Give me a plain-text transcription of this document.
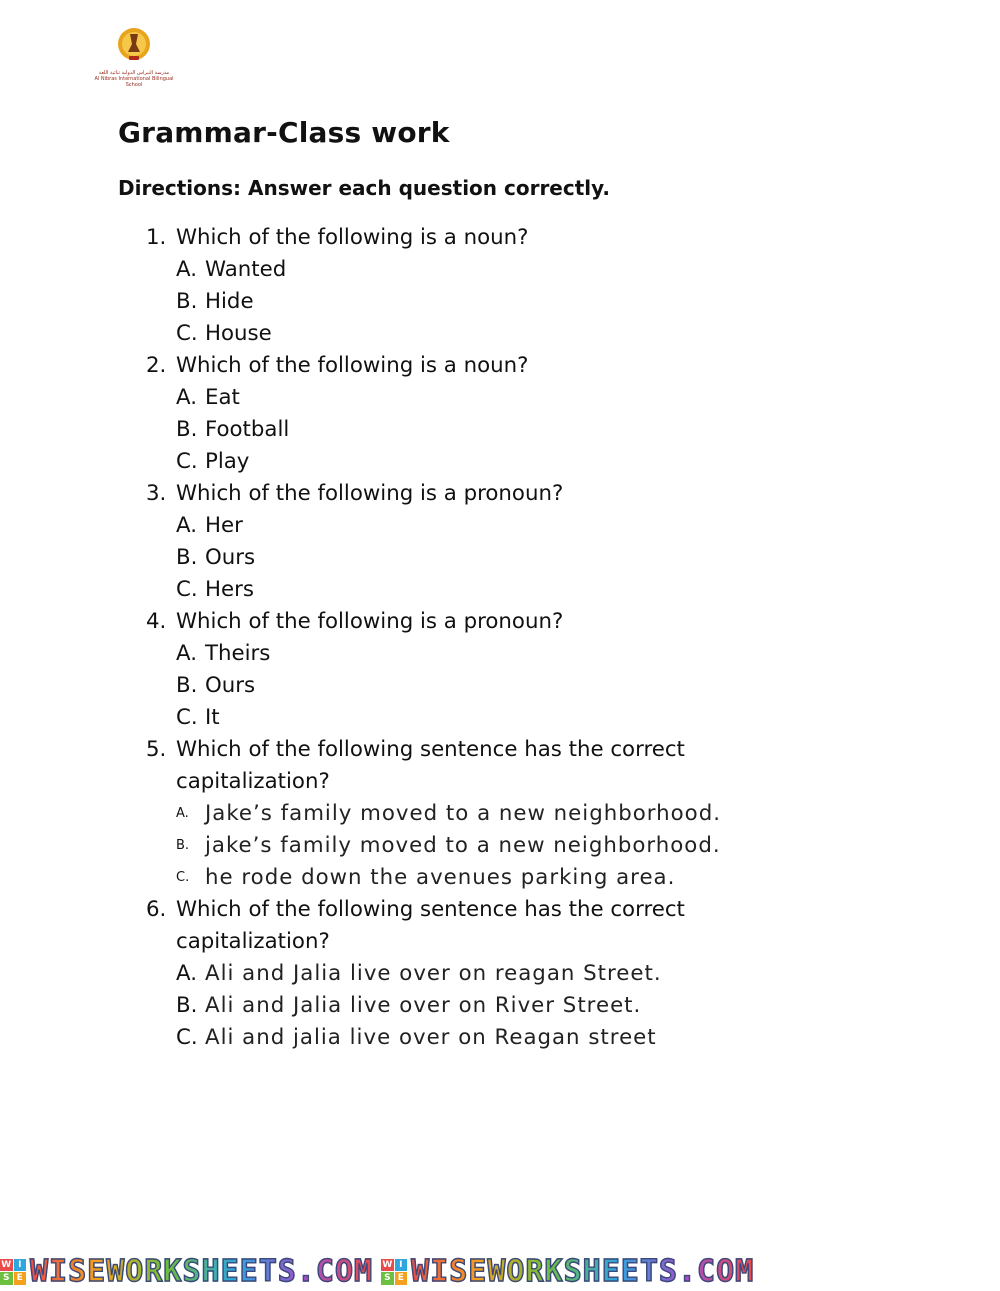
مدرسة النبراس الدولية ثنائية اللغة
Al Nibras International Bilingual School
Grammar-Class work
Directions: Answer each question correctly.
1. Which of the following is a noun?
A. Wanted
B. Hide
C. House
2. Which of the following is a noun?
A. Eat
B. Football
C. Play
3. Which of the following is a pronoun?
A. Her
B. Ours
C. Hers
4. Which of the following is a pronoun?
A. Theirs
B. Ours
C. It
5. Which of the following sentence has the correct capitalization?
A. Jake’s family moved to a new neighborhood.
B. jake’s family moved to a new neighborhood.
C. he rode down the avenues parking area.
6. Which of the following sentence has the correct capitalization?
A. Ali and Jalia live over on reagan Street.
B. Ali and Jalia live over on River Street.
C. Ali and jalia live over on Reagan street
W I
S E WISEWORKSHEETS.COM W I
S E WISEWORKSHEETS.COM
